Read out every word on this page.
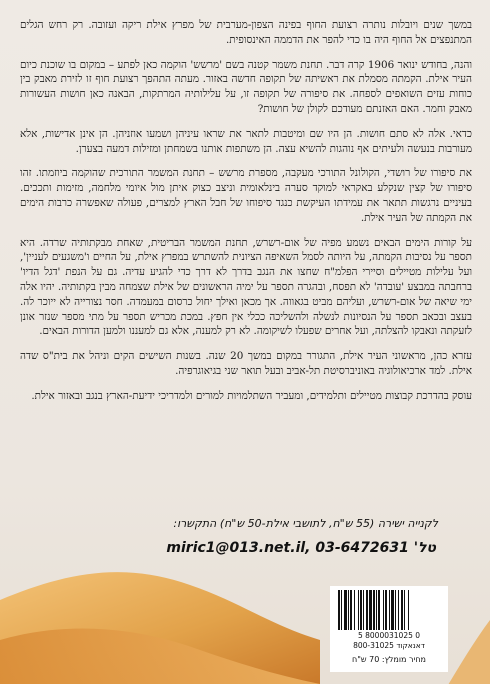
במשך שנים ויובלות נותרה רצועת החוף בפינה הצפון-מערבית של מפרץ אילת ריקה ועזובה. רק רחש הגלים המתנפצים אל החוף היה בו כדי להפר את הדממה האינסופית.

והנה, בחודש ינואר 1906 קרה דבר. תחנת משמר קטנה בשם 'מרשש' הוקמה כאן לפתע – במקום בו שוכנת כיום העיר אילת. הקמתה מסמלת את ראשיתה של תקופה חדשה באזור. מעתה התהפך רצועת חוף זו לזירת מאבק בין כוחות עזים השואפים לספחה. את סיפורה של תקופה זו, על עלילותיה המרתקות, הבאנה כאן חושות העשורות מאבק וחמר. האם האזנתם מעודכם לקולן של חושות?

כדאי. אלה לא סתם חושות. הן היו שם ומיטבות לתאר את שראו עיניהן ושמעו אוזניהן. הן אינן אדישות, אלא מעורבות בנעשה ולעיתים אף נוהגות להשיא עצה. הן משתפות אותנו בשמחתן ומזילות דמעה בצערן.

את סיפורו של רושדי, הקולונל התורכי מעקבה, מספרת מרשש – תחנת המשמר התורכית שהוקמה ביוזמתו. זהו סיפורו של קצין שנקלע באקראי למוקד סערה בינלאומית וניצב כצוק איתן מול איומי מלחמה, מזימות ותככים. בעיניים נרגשות תתאר את עמידתו העיקשת כנגד סיפוחו של חבל הארץ למצרים, פעולה שאפשרה כרבות הימים את הקמתה של העיר אילת.

על קורות הימים הבאים נשמע מפיה של אום-רשרש, תחנת המשמר הבריטית, שאחת מבקתותיה שרדה. היא תספר על נסיבות הקמתה, על היותה לסמל השאיפה הציונית להשתרש במפרץ אילת, על החיים ו'משגעים לעניין', ועל עלילות מטיילים וסיירי הפלמ"ח שחצו את הנגב בדרך לא דרך כדי להגיע עדיה. גם על הנפת 'דגל הדיו' ברחבתה במבצע 'עובדה' לא תפסח, ובהגרה תספר על ימיה הראשונים של אילת שצמחה מבין בקתותיה. יהיו אלה ימי שיאה של אום-רשרש, ועליהם מביט בגאווה. אך מכאן ואילך יחול כרסום במעמדה. חסר נצורייה לא ייוכר לה. בעצב ובכאב תספר על הנסיונות לנשלה ולהשליכה ככלי אין חפץ. במכת מכריש תספר על מתי מספר שנזר אונן לזעקתה ונאבקו להצלתה, ועל אחרים שפעלו לשיקומה. לא רק למענה, אלא גם למעננו ולמען הדורות הבאים.

עזרא כהן, מראשוני העיר אילת, התגורר במקום במשך 20 שנה. בשנות השישים הקים וניהל את בית"ס שדה אילת. למד ארכיאולוגיה באוניברסיטת תל-אביב ובעל תואר שני בגיאוגרפיה.

עוסק בהדרכת קבוצות מטיילים ותלמידים, ומעביר השתלמויות למורים ולמדריכי ידיעת-הארץ בנגב ובאזור אילת.

לקנייה ישירה (55 ש"ח, לתושבי אילת-50 ש"ח) התקשרו:
טל' 03-6472631 ,miric1@013.net.il
0 8000031025 5
דאנאקוד 800-31025
מחיר מומלץ: 70 ש"ח
